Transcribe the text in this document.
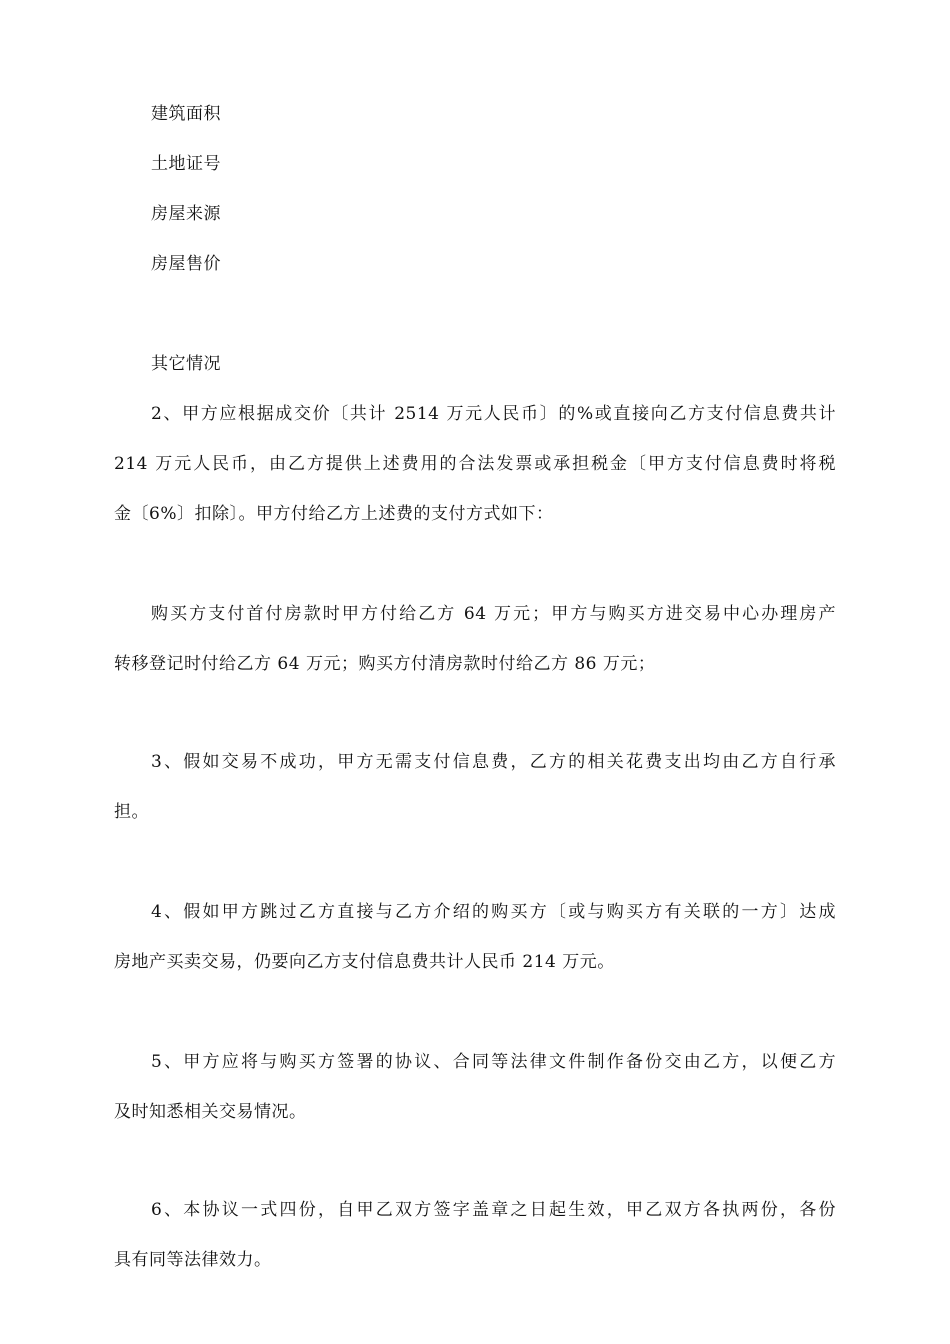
建筑面积
土地证号
房屋来源
房屋售价
其它情况
2、甲方应根据成交价〔共计 2514 万元人民币〕的%或直接向乙方支付信息费共计
214 万元人民币，由乙方提供上述费用的合法发票或承担税金〔甲方支付信息费时将税
金〔6%〕扣除〕。甲方付给乙方上述费的支付方式如下：
购买方支付首付房款时甲方付给乙方 64 万元；甲方与购买方进交易中心办理房产
转移登记时付给乙方 64 万元；购买方付清房款时付给乙方 86 万元；
3、假如交易不成功，甲方无需支付信息费，乙方的相关花费支出均由乙方自行承
担。
4、假如甲方跳过乙方直接与乙方介绍的购买方〔或与购买方有关联的一方〕达成
房地产买卖交易，仍要向乙方支付信息费共计人民币 214 万元。
5、甲方应将与购买方签署的协议、合同等法律文件制作备份交由乙方，以便乙方
及时知悉相关交易情况。
6、本协议一式四份，自甲乙双方签字盖章之日起生效，甲乙双方各执两份，各份
具有同等法律效力。
